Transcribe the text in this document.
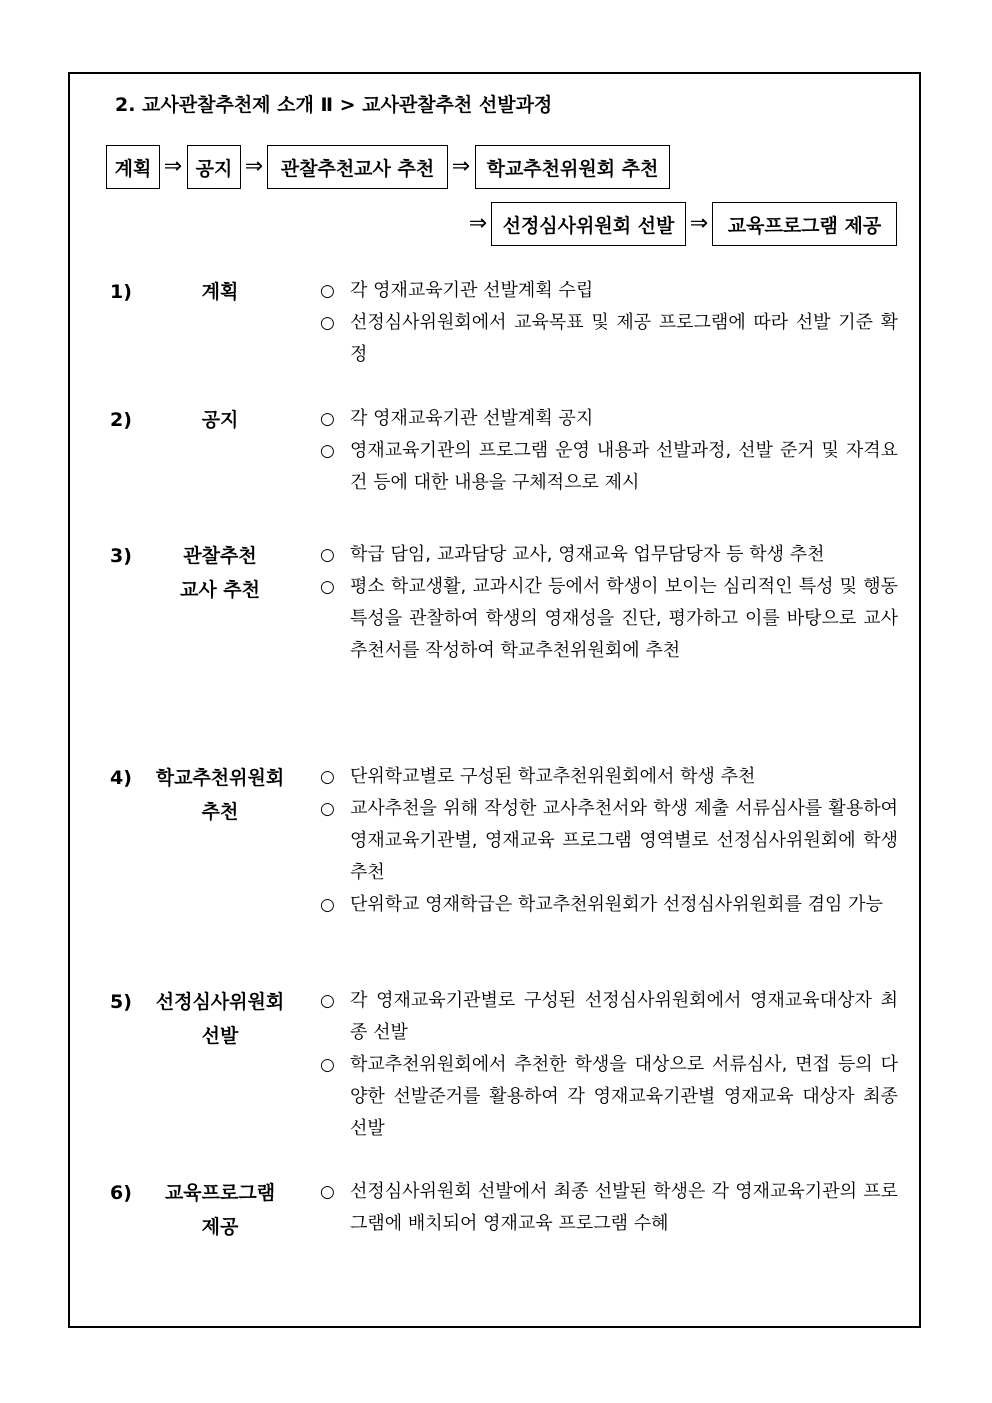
2. 교사관찰추천제 소개 Ⅱ > 교사관찰추천 선발과정
계획 ⇒ 공지 ⇒ 관찰추천교사 추천 ⇒ 학교추천위원회 추천
⇒ 선정심사위원회 선발 ⇒	교육프로그램 제공
1)	계획	○ 각 영재교육기관 선발계획 수립
○ 선정심사위원회에서 교육목표 및 제공 프로그램에 따라 선발 기준 확정
2)	공지	○ 각 영재교육기관 선발계획 공지
○ 영재교육기관의 프로그램 운영 내용과 선발과정, 선발 준거 및 자격요건 등에 대한 내용을 구체적으로 제시
3)	관찰추천
교사 추천
○ 학급 담임, 교과담당 교사, 영재교육 업무담당자 등 학생 추천
○ 평소 학교생활, 교과시간 등에서 학생이 보이는 심리적인 특성 및 행동 특성을 관찰하여 학생의 영재성을 진단, 평가하고 이를 바탕으로 교사추천서를 작성하여 학교추천위원회에 추천
4)	학교추천위원회
추천
○ 단위학교별로 구성된 학교추천위원회에서 학생 추천
○ 교사추천을 위해 작성한 교사추천서와 학생 제출 서류심사를 활용하여 영재교육기관별, 영재교육 프로그램 영역별로 선정심사위원회에 학생 추천
○ 단위학교 영재학급은 학교추천위원회가 선정심사위원회를 겸임 가능
5)	선정심사위원회
선발
○ 각 영재교육기관별로 구성된 선정심사위원회에서 영재교육대상자 최종 선발
○ 학교추천위원회에서 추천한 학생을 대상으로 서류심사, 면접 등의 다양한 선발준거를 활용하여 각 영재교육기관별 영재교육 대상자 최종 선발
6)	교육프로그램
제공
○ 선정심사위원회 선발에서 최종 선발된 학생은 각 영재교육기관의 프로그램에 배치되어 영재교육 프로그램 수혜
